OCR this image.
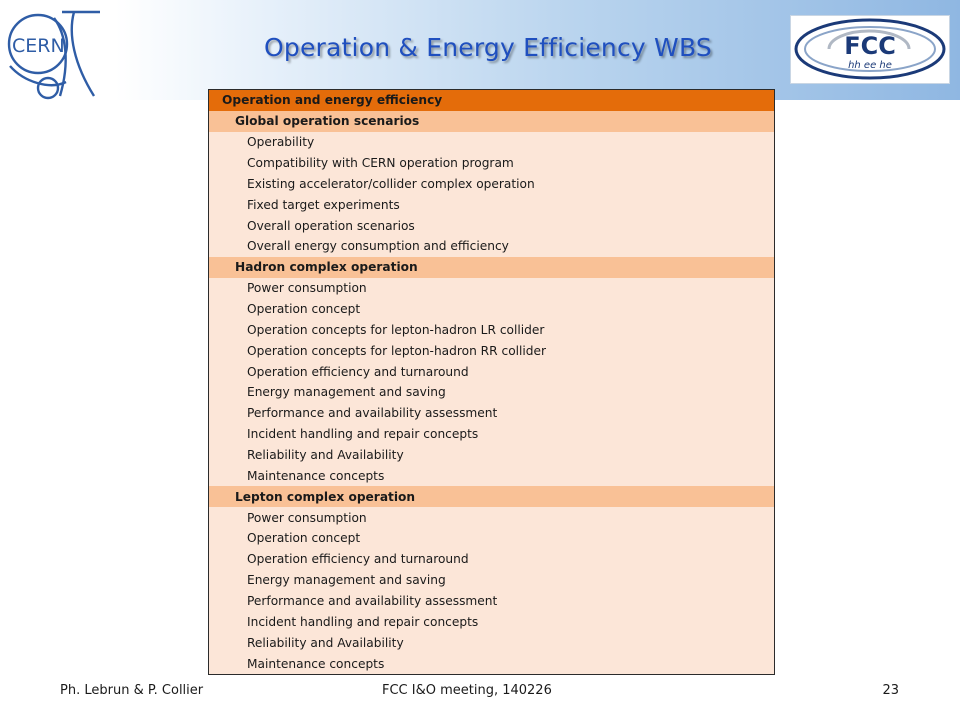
CERN	Operation & Energy Efficiency WBS	FCC
hh ee he
Operation and energy efficiency
Global operation scenarios
Operability
Compatibility with CERN operation program
Existing accelerator/collider complex operation
Fixed target experiments
Overall operation scenarios
Overall energy consumption and efficiency
Hadron complex operation
Power consumption
Operation concept
Operation concepts for lepton-hadron LR collider
Operation concepts for lepton-hadron RR collider
Operation efficiency and turnaround
Energy management and saving
Performance and availability assessment
Incident handling and repair concepts
Reliability and Availability
Maintenance concepts
Lepton complex operation
Power consumption
Operation concept
Operation efficiency and turnaround
Energy management and saving
Performance and availability assessment
Incident handling and repair concepts
Reliability and Availability
Maintenance concepts
Ph. Lebrun & P. Collier	FCC I&O meeting, 140226	23
